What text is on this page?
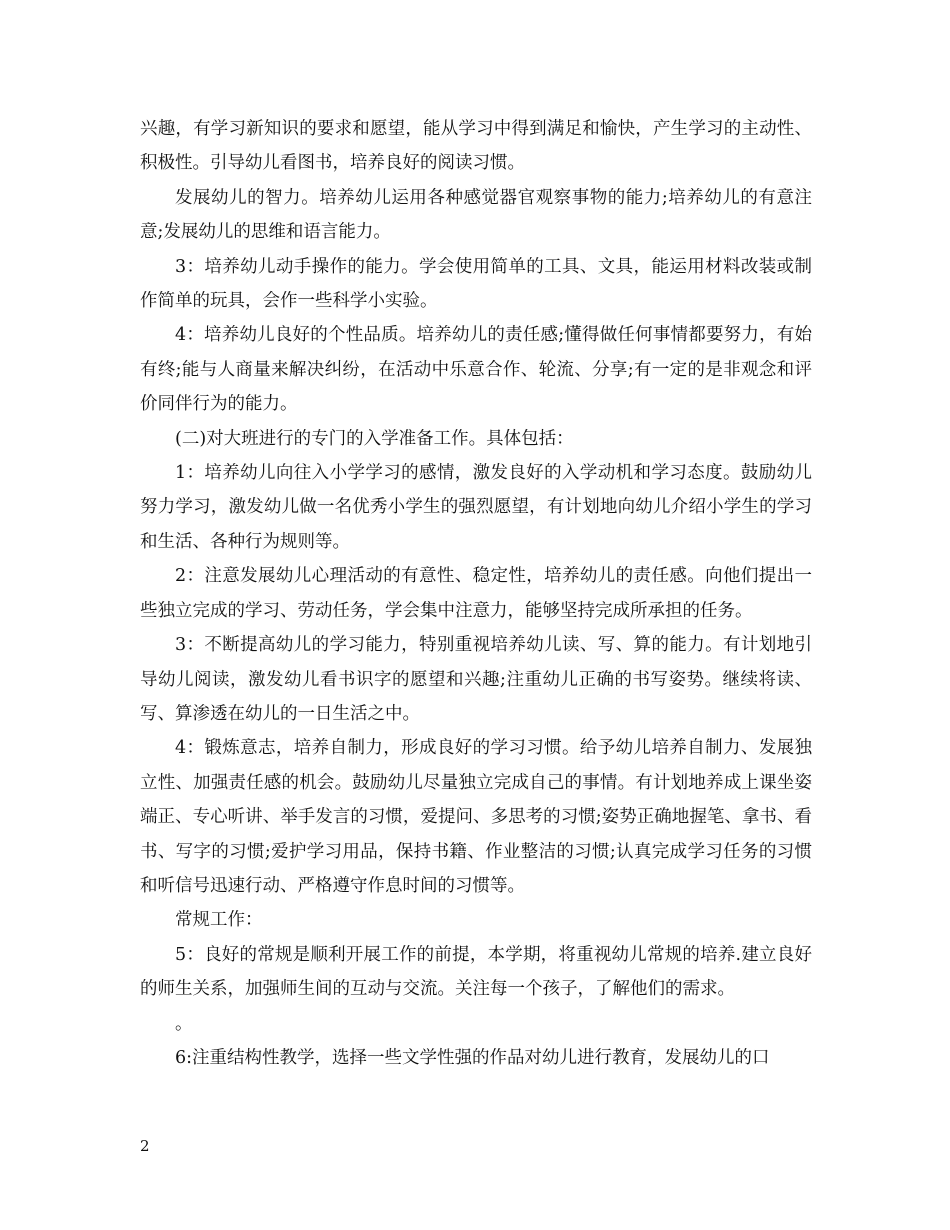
兴趣，有学习新知识的要求和愿望，能从学习中得到满足和愉快，产生学习的主动性、积极性。引导幼儿看图书，培养良好的阅读习惯。

发展幼儿的智力。培养幼儿运用各种感觉器官观察事物的能力;培养幼儿的有意注意;发展幼儿的思维和语言能力。

3：培养幼儿动手操作的能力。学会使用简单的工具、文具，能运用材料改装或制作简单的玩具，会作一些科学小实验。

4：培养幼儿良好的个性品质。培养幼儿的责任感;懂得做任何事情都要努力，有始有终;能与人商量来解决纠纷，在活动中乐意合作、轮流、分享;有一定的是非观念和评价同伴行为的能力。

(二)对大班进行的专门的入学准备工作。具体包括：

1：培养幼儿向往入小学学习的感情，激发良好的入学动机和学习态度。鼓励幼儿努力学习，激发幼儿做一名优秀小学生的强烈愿望，有计划地向幼儿介绍小学生的学习和生活、各种行为规则等。

2：注意发展幼儿心理活动的有意性、稳定性，培养幼儿的责任感。向他们提出一些独立完成的学习、劳动任务，学会集中注意力，能够坚持完成所承担的任务。

3：不断提高幼儿的学习能力，特别重视培养幼儿读、写、算的能力。有计划地引导幼儿阅读，激发幼儿看书识字的愿望和兴趣;注重幼儿正确的书写姿势。继续将读、写、算渗透在幼儿的一日生活之中。

4：锻炼意志，培养自制力，形成良好的学习习惯。给予幼儿培养自制力、发展独立性、加强责任感的机会。鼓励幼儿尽量独立完成自己的事情。有计划地养成上课坐姿端正、专心听讲、举手发言的习惯，爱提问、多思考的习惯;姿势正确地握笔、拿书、看书、写字的习惯;爱护学习用品，保持书籍、作业整洁的习惯;认真完成学习任务的习惯和听信号迅速行动、严格遵守作息时间的习惯等。

常规工作：

5：良好的常规是顺利开展工作的前提，本学期，将重视幼儿常规的培养.建立良好的师生关系，加强师生间的互动与交流。关注每一个孩子，了解他们的需求。

。

6:注重结构性教学，选择一些文学性强的作品对幼儿进行教育，发展幼儿的口

2
